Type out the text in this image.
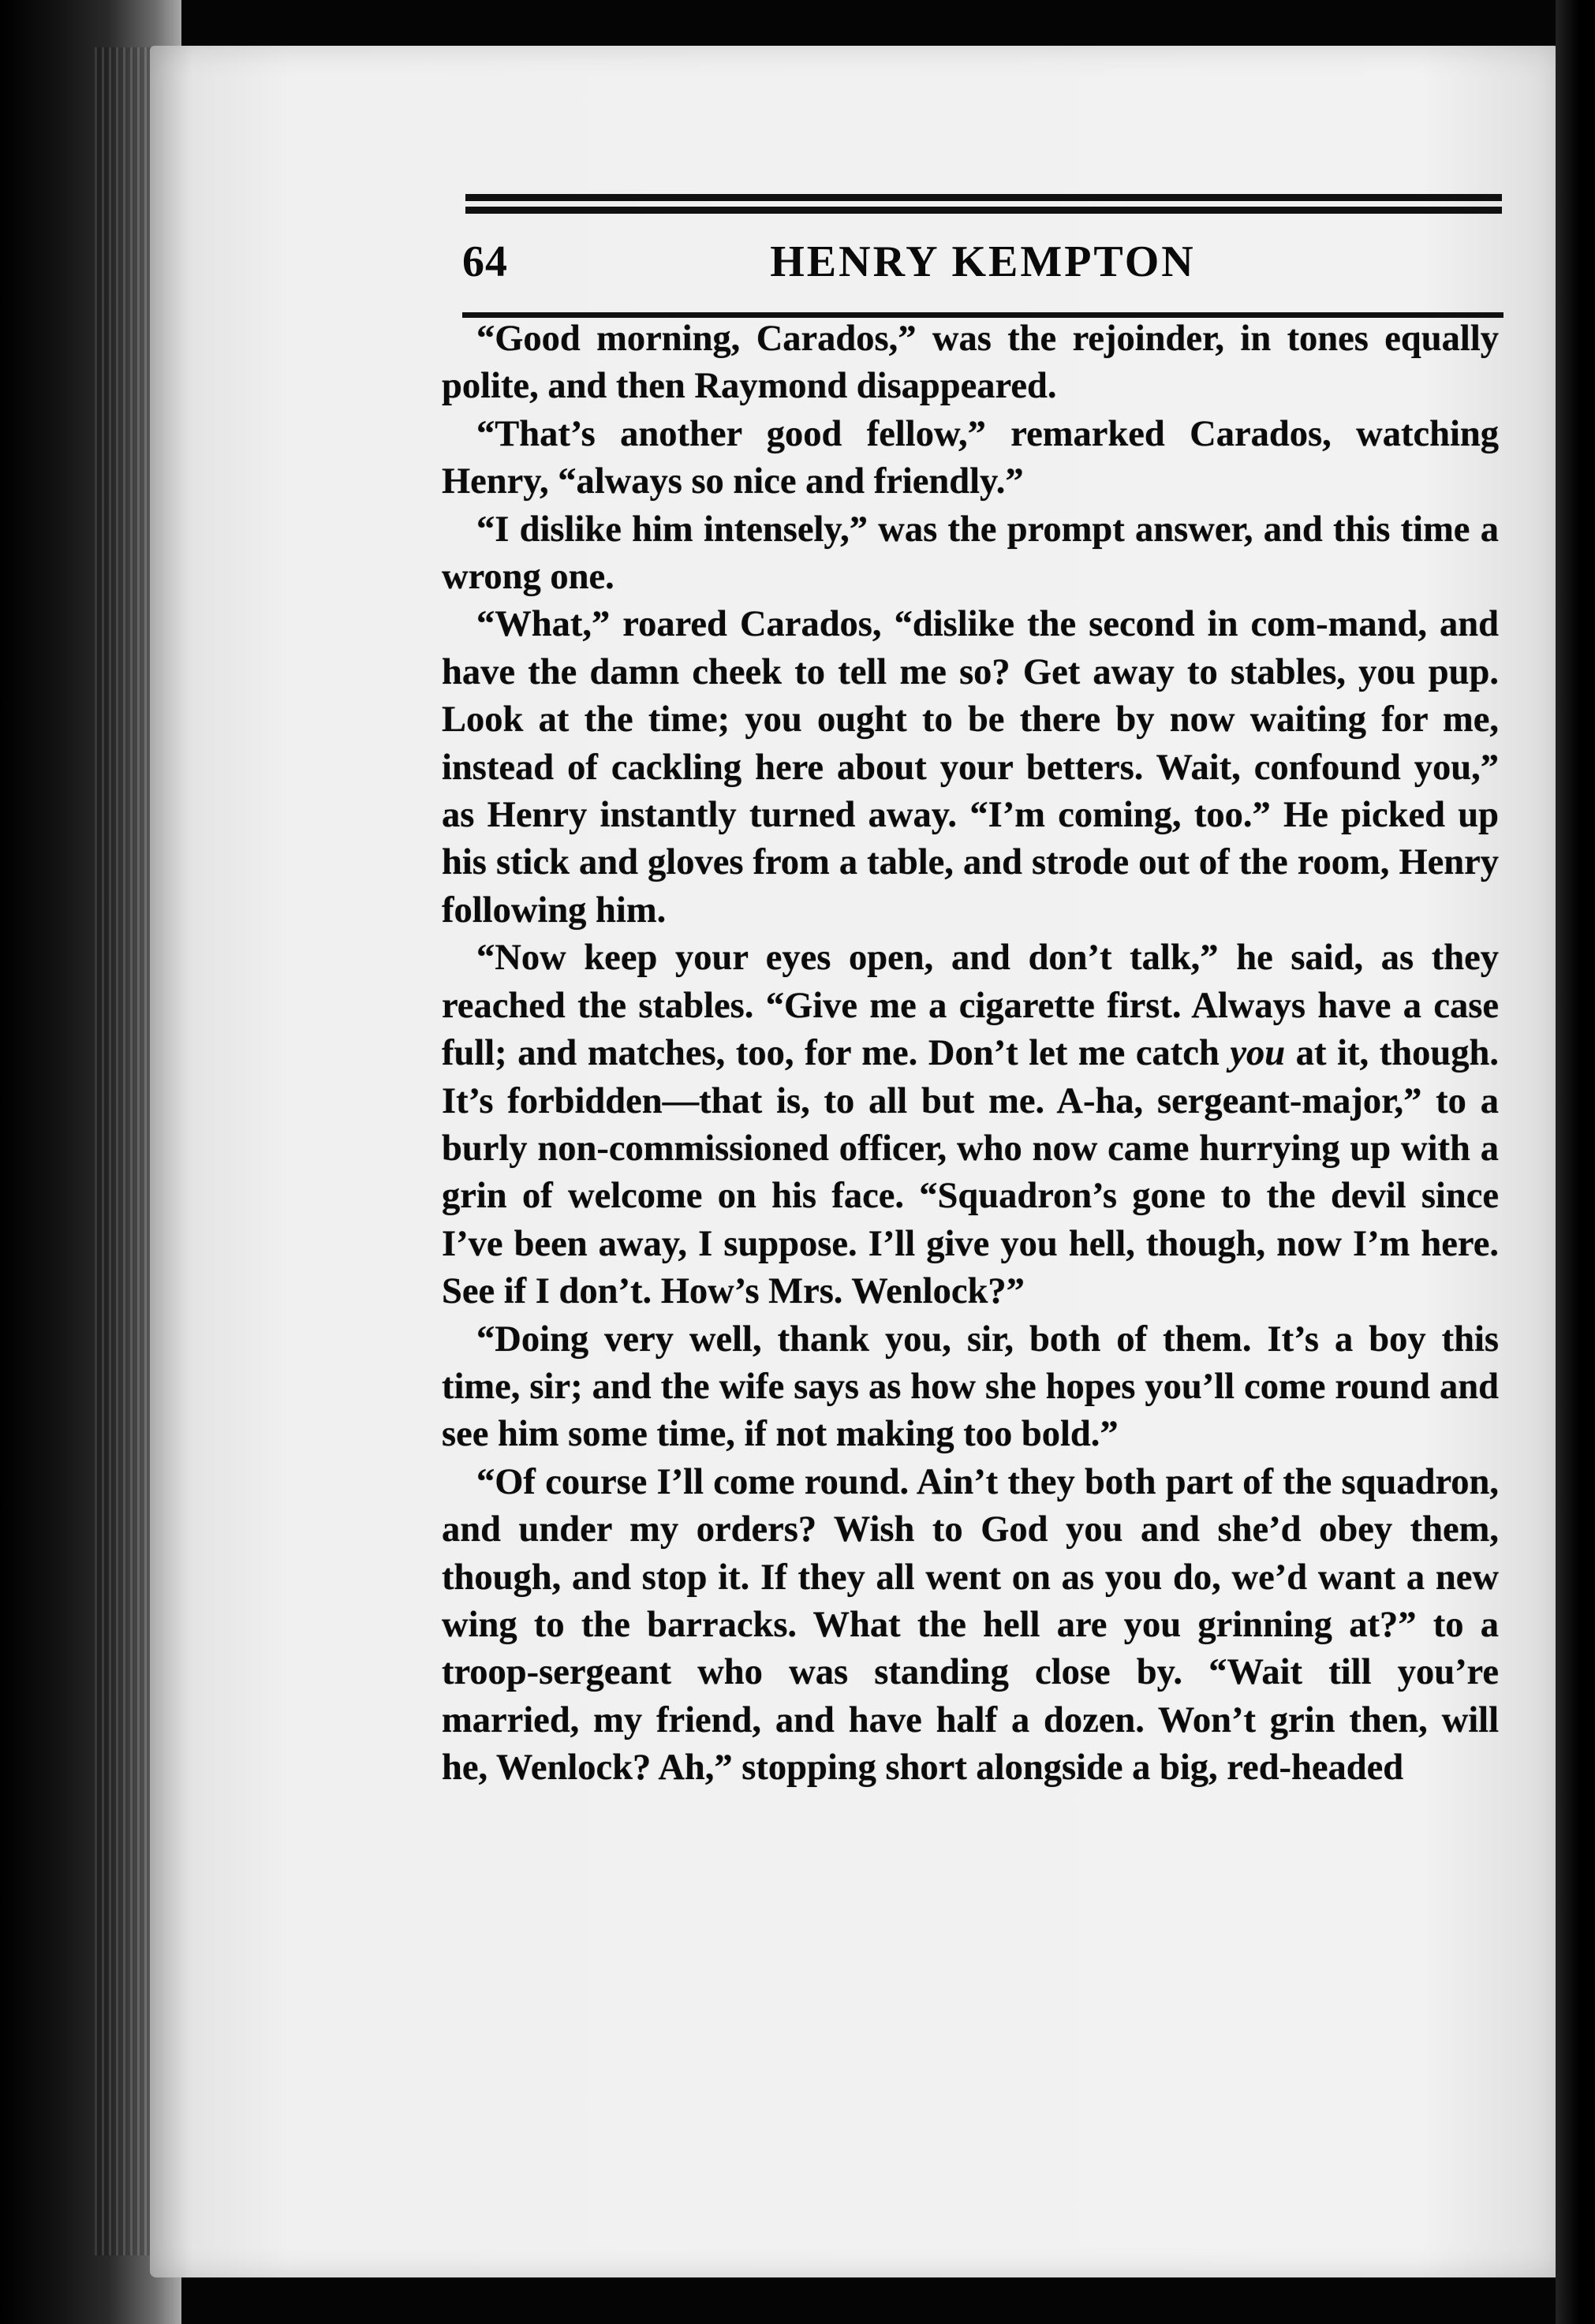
64	HENRY KEMPTON

“Good morning, Carados,” was the rejoinder, in tones equally polite, and then Raymond disappeared.

“That’s another good fellow,” remarked Carados, watching Henry, “always so nice and friendly.”

“I dislike him intensely,” was the prompt answer, and this time a wrong one.

“What,” roared Carados, “dislike the second in com-mand, and have the damn cheek to tell me so? Get away to stables, you pup. Look at the time; you ought to be there by now waiting for me, instead of cackling here about your betters. Wait, confound you,” as Henry instantly turned away. “I’m coming, too.” He picked up his stick and gloves from a table, and strode out of the room, Henry following him.

“Now keep your eyes open, and don’t talk,” he said, as they reached the stables. “Give me a cigarette first. Always have a case full; and matches, too, for me. Don’t let me catch you at it, though. It’s forbidden—that is, to all but me. A-ha, sergeant-major,” to a burly non-commissioned officer, who now came hurrying up with a grin of welcome on his face. “Squadron’s gone to the devil since I’ve been away, I suppose. I’ll give you hell, though, now I’m here. See if I don’t. How’s Mrs. Wenlock?”

“Doing very well, thank you, sir, both of them. It’s a boy this time, sir; and the wife says as how she hopes you’ll come round and see him some time, if not making too bold.”

“Of course I’ll come round. Ain’t they both part of the squadron, and under my orders? Wish to God you and she’d obey them, though, and stop it. If they all went on as you do, we’d want a new wing to the barracks. What the hell are you grinning at?” to a troop-sergeant who was standing close by. “Wait till you’re married, my friend, and have half a dozen. Won’t grin then, will he, Wenlock? Ah,” stopping short alongside a big, red-headed
